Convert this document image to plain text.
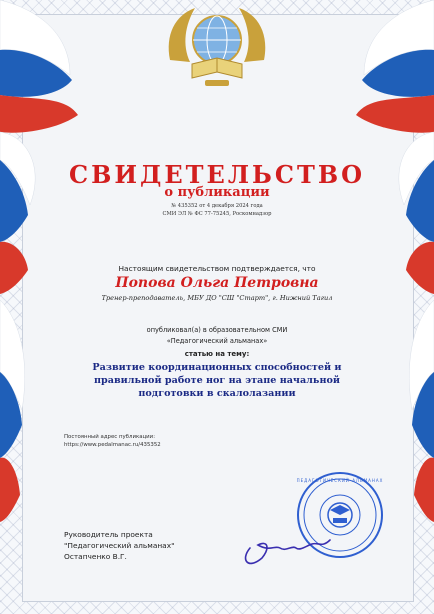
ПЕДАГОГИЧЕСКИЙ АЛЬМАНАХ
СВИДЕТЕЛЬСТВО
о публикации
№ 435352 от 4 декабря 2024 года
СМИ ЭЛ № ФС 77-75245, Роскомнадзор
Настоящим свидетельством подтверждается, что
Попова Ольга Петровна
Тренер-преподаватель, МБУ ДО "СШ "Старт", г. Нижний Тагил
опубликовал(а) в образовательном СМИ
«Педагогический альманах»
статью на тему:
Развитие координационных способностей и правильной работе ног на этапе начальной подготовки в скалолазании
Постоянный адрес публикации:
https://www.pedalmanac.ru/435352
Руководитель проекта
"Педагогический альманах"
Остапченко В.Г.
